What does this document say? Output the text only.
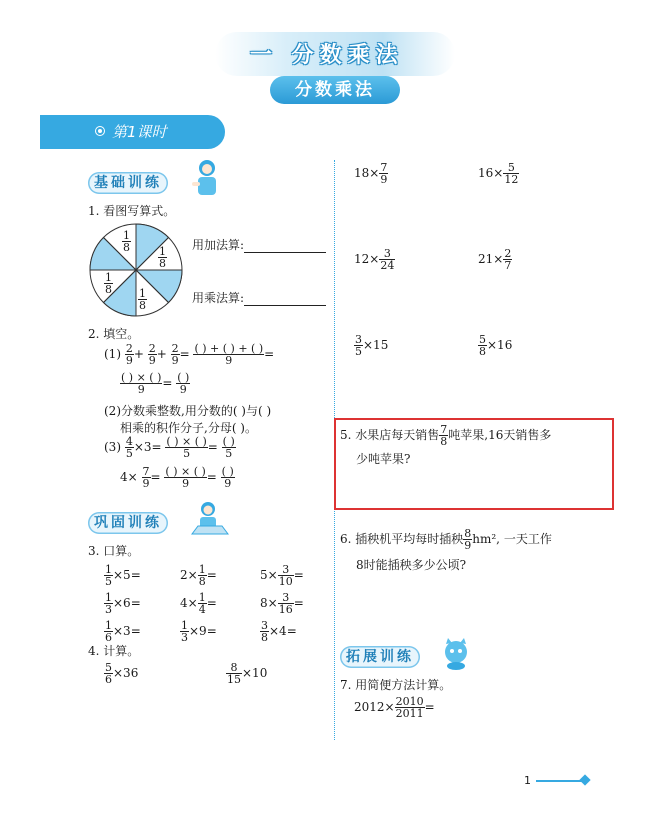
一 分数乘法
分数乘法
第1课时
基础训练
1. 看图写算式。
$\frac{1}{8}$
$\frac{1}{8}$
$\frac{1}{8}$
$\frac{1}{8}$
用加法算:
用乘法算:
2. 填空。
$(1) \frac{2}{9} + \frac{2}{9} + \frac{2}{9} = \frac{( ) + ( ) + ( )}{9}$ =
$\frac{( ) \times ( )}{9} = \frac{( )}{9}$
(2)分数乘整数,用分数的( )与( )
相乘的积作分子,分母( )。
$(3) \frac{4}{5} \times 3= \frac{( ) \times ( )}{5} = \frac{( )}{5}$
$4\times \frac{7}{9} = \frac{( ) \times ( )}{9} = \frac{( )}{9}$
巩固训练
3. 口算。
$\frac{1}{5} \times 5=$	$2\times \frac{1}{8}$ =	$5\times \frac{3}{10}$ =
$\frac{1}{3} \times 6=$	$4\times \frac{1}{4}$ =	$8\times \frac{3}{16}$ =
$\frac{1}{6} \times 3=$	$\frac{1}{3} \times 9=$	$\frac{3}{8} \times 4=$
4. 计算。
$\frac{5}{6} \times 36$	$\frac{8}{15} \times 10$
$18\times \frac{7}{9}$	$16\times \frac{5}{12}$
$12\times \frac{3}{24}$	$21\times \frac{2}{7}$
$\frac{3}{5} \times 15$	$\frac{5}{8} \times 16$
5. 水果店每天销售 $\frac{7}{8}$ 吨苹果,16天销售多
少吨苹果?
6. 插秧机平均每时插秧 $\frac{8}{9} hm^2$, 一天工作
8时能插秧多少公顷?
拓展训练
7. 用简便方法计算。
$2012\times \frac{2010}{2011}$ =
1
